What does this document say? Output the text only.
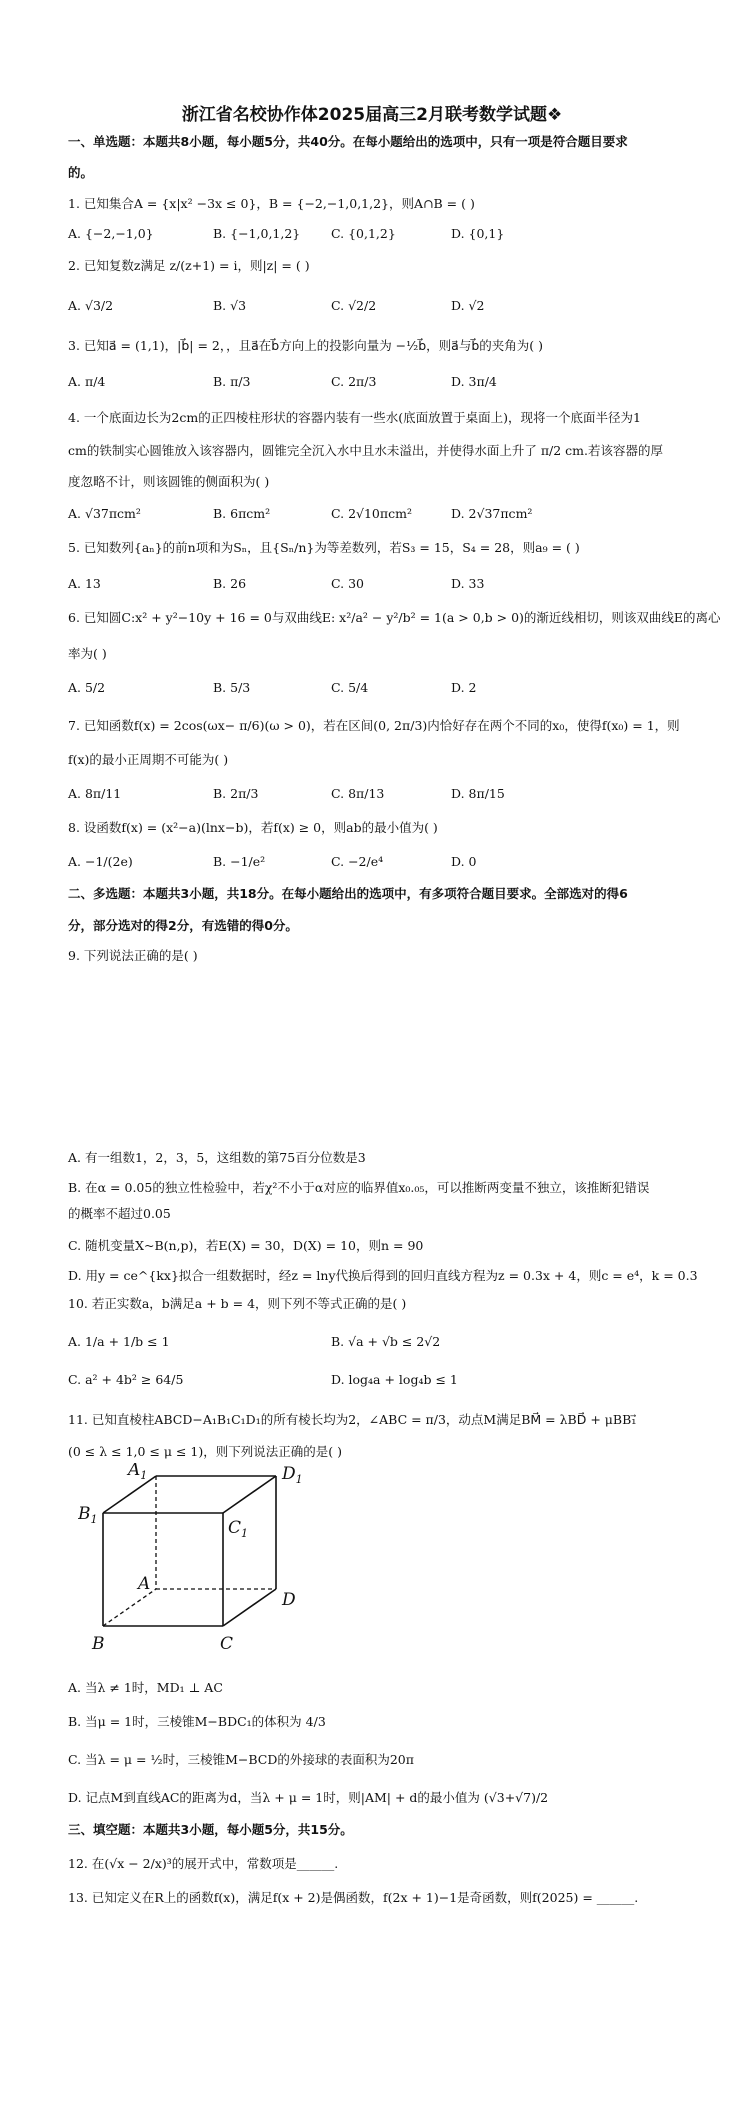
浙江省名校协作体2025届高三2月联考数学试题❖
一、单选题：本题共8小题，每小题5分，共40分。在每小题给出的选项中，只有一项是符合题目要求
的。
1. 已知集合A = {x|x² −3x ≤ 0}，B = {−2,−1,0,1,2}，则A∩B = ( )
A. {−2,−1,0}	B. {−1,0,1,2} C. {0,1,2}	D. {0,1}
2. 已知复数z满足 z/(z+1) = i，则|z| = ( )
A. √3/2	B. √3	C. √2/2	D. √2
3. 已知a⃗ = (1,1)，|b⃗| = 2，，且a⃗在b⃗方向上的投影向量为 −½b⃗，则a⃗与b⃗的夹角为( )
A. π/4	B. π/3	C. 2π/3	D. 3π/4
4. 一个底面边长为2cm的正四棱柱形状的容器内装有一些水(底面放置于桌面上)，现将一个底面半径为1
cm的铁制实心圆锥放入该容器内，圆锥完全沉入水中且水未溢出，并使得水面上升了 π/2 cm.若该容器的厚
度忽略不计，则该圆锥的侧面积为( )
A. √37πcm²	B. 6πcm²	C. 2√10πcm²	D. 2√37πcm²
5. 已知数列{aₙ}的前n项和为Sₙ，且{Sₙ/n}为等差数列，若S₃ = 15，S₄ = 28，则a₉ = ( )
A. 13	B. 26	C. 30	D. 33
6. 已知圆C:x² + y²−10y + 16 = 0与双曲线E: x²/a² − y²/b² = 1(a > 0,b > 0)的渐近线相切，则该双曲线E的离心
率为( )
A. 5/2	B. 5/3	C. 5/4	D. 2
7. 已知函数f(x) = 2cos(ωx− π/6)(ω > 0)，若在区间(0, 2π/3)内恰好存在两个不同的x₀，使得f(x₀) = 1，则
f(x)的最小正周期不可能为( )
A. 8π/11	B. 2π/3	C. 8π/13	D. 8π/15
8. 设函数f(x) = (x²−a)(lnx−b)，若f(x) ≥ 0，则ab的最小值为( )
A. −1/(2e)	B. −1/e²	C. −2/e⁴	D. 0
二、多选题：本题共3小题，共18分。在每小题给出的选项中，有多项符合题目要求。全部选对的得6
分，部分选对的得2分，有选错的得0分。
9. 下列说法正确的是( )
A. 有一组数1，2，3，5，这组数的第75百分位数是3
B. 在α = 0.05的独立性检验中，若χ²不小于α对应的临界值x₀.₀₅，可以推断两变量不独立，该推断犯错误
的概率不超过0.05
C. 随机变量X~B(n,p)，若E(X) = 30，D(X) = 10，则n = 90
D. 用y = ce^{kx}拟合一组数据时，经z = lny代换后得到的回归直线方程为z = 0.3x + 4，则c = e⁴，k = 0.3
10. 若正实数a，b满足a + b = 4，则下列不等式正确的是( )
A. 1/a + 1/b ≤ 1	B. √a + √b ≤ 2√2
C. a² + 4b² ≥ 64/5	D. log₄a + log₄b ≤ 1
11. 已知直棱柱ABCD−A₁B₁C₁D₁的所有棱长均为2，∠ABC = π/3，动点M满足BM⃗ = λBD⃗ + μBB₁⃗
(0 ≤ λ ≤ 1,0 ≤ μ ≤ 1)，则下列说法正确的是( )
$A_1$
$B_1$	$C_1$
$D_1$
A
B	C
D
A. 当λ ≠ 1时，MD₁ ⊥ AC
B. 当μ = 1时，三棱锥M−BDC₁的体积为 4/3
C. 当λ = μ = ½时，三棱锥M−BCD的外接球的表面积为20π
D. 记点M到直线AC的距离为d，当λ + μ = 1时，则|AM| + d的最小值为 (√3+√7)/2
三、填空题：本题共3小题，每小题5分，共15分。
12. 在(√x − 2/x)³的展开式中，常数项是______.
13. 已知定义在R上的函数f(x)，满足f(x + 2)是偶函数，f(2x + 1)−1是奇函数，则f(2025) = ______.
